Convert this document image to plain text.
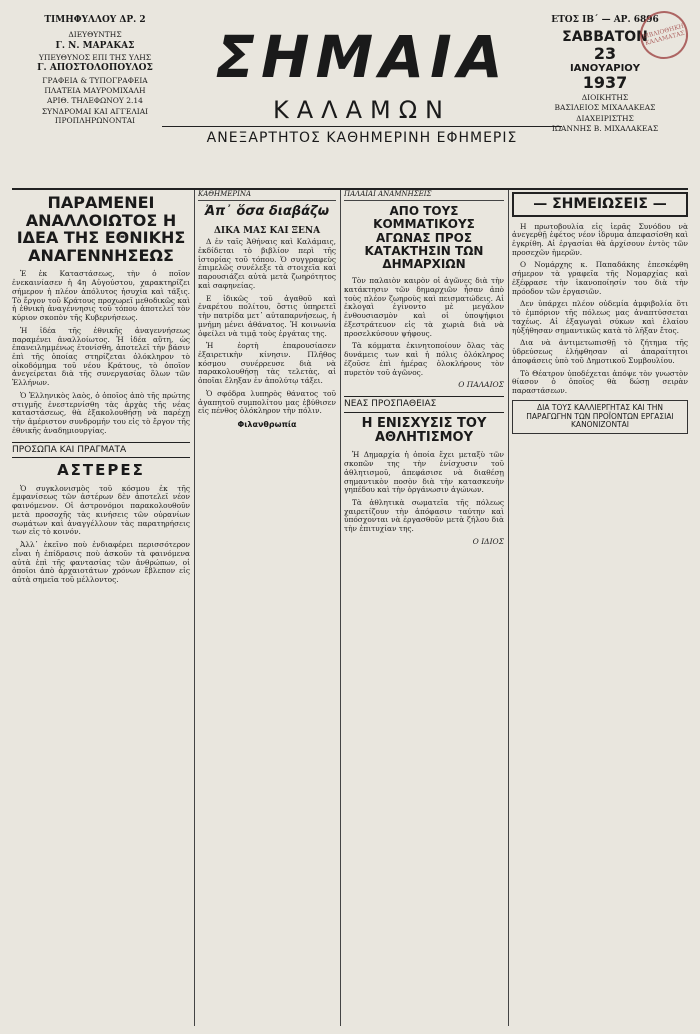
ΤΙΜΗΦΥΛΛΟΥ ΔΡ. 2
ΔΙΕΥΘΥΝΤΗΣ
Γ. Ν. ΜΑΡΑΚΑΣ
ΥΠΕΥΘΥΝΟΣ ΕΠΙ ΤΗΣ ΥΛΗΣ
Γ. ΑΠΟΣΤΟΛΟΠΟΥΛΟΣ
ΓΡΑΦΕΙΑ & ΤΥΠΟΓΡΑΦΕΙΑ
ΠΛΑΤΕΙΑ ΜΑΥΡΟΜΙΧΑΛΗ
ΑΡΙΘ. ΤΗΛΕΦΩΝΟΥ 2.14
ΣΥΝΔΡΟΜΑΙ ΚΑΙ ΑΓΓΕΛΙΑΙ ΠΡΟΠΛΗΡΩΝΟΝΤΑΙ
ΣΗΜΑΙΑ
ΚΑΛΑΜΩΝ
ΑΝΕΞΑΡΤΗΤΟΣ ΚΑΘΗΜΕΡΙΝΗ ΕΦΗΜΕΡΙΣ
ΒΙΒΛΙΟΘΗΚΗ ΚΑΛΑΜΑΤΑΣ
ΕΤΟΣ ΙΒ΄ — ΑΡ. 6896
ΣΑΒΒΑΤΟΝ
23
ΙΑΝΟΥΑΡΙΟΥ
1937
ΔΙΟΙΚΗΤΗΣ
ΒΑΣΙΛΕΙΟΣ ΜΙΧΑΛΑΚΕΑΣ
ΔΙΑΧΕΙΡΙΣΤΗΣ
ΙΩΑΝΝΗΣ Β. ΜΙΧΑΛΑΚΕΑΣ
ΠΑΡΑΜΕΝΕΙ ΑΝΑΛΛΟΙΩΤΟΣ Η ΙΔΕΑ ΤΗΣ ΕΘΝΙΚΗΣ ΑΝΑΓΕΝΝΗΣΕΩΣ

Ἐ ἐκ Καταστάσεως, τὴν ὁ ποῖον ἐνεκαινίασεν ἡ 4η Αὐγούστου, χαρακτηρίζει σήμερον ἡ πλέον ἀπόλυτος ἡσυχία καὶ τάξις. Τὸ ἔργον τοῦ Κράτους προχωρεῖ μεθοδικῶς καὶ ἡ ἐθνικὴ ἀναγέννησις τοῦ τόπου ἀποτελεῖ τὸν κύριον σκοπὸν τῆς Κυβερνήσεως.

Ἡ ἰδέα τῆς ἐθνικῆς ἀναγεννήσεως παραμένει ἀναλλοίωτος. Ἡ ἰδέα αὕτη, ὡς ἐπανειλημμένως ἐτονίσθη, ἀποτελεῖ τὴν βάσιν ἐπὶ τῆς ὁποίας στηρίζεται ὁλόκληρον τὸ οἰκοδόμημα τοῦ νέου Κράτους, τὸ ὁποῖον ἀνεγείρεται διὰ τῆς συνεργασίας ὅλων τῶν Ἑλλήνων.

Ὁ Ἑλληνικὸς λαὸς, ὁ ὁποῖος ἀπὸ τῆς πρώτης στιγμῆς ἐνεστερνίσθη τὰς ἀρχὰς τῆς νέας καταστάσεως, θὰ ἐξακολουθήσῃ νὰ παρέχῃ τὴν ἀμέριστον συνδρομήν του εἰς τὸ ἔργον τῆς ἐθνικῆς ἀναδημιουργίας.

ΠΡΟΣΩΠΑ ΚΑΙ ΠΡΑΓΜΑΤΑ
ΑΣΤΕΡΕΣ

Ὁ συγκλονισμὸς τοῦ κόσμου ἐκ τῆς ἐμφανίσεως τῶν ἀστέρων δὲν ἀποτελεῖ νέον φαινόμενον. Οἱ ἀστρονόμοι παρακολουθοῦν μετὰ προσοχῆς τὰς κινήσεις τῶν οὐρανίων σωμάτων καὶ ἀναγγέλλουν τὰς παρατηρήσεις των εἰς τὸ κοινόν.

Ἀλλ᾽ ἐκεῖνο ποὺ ἐνδιαφέρει περισσότερον εἶναι ἡ ἐπίδρασις ποὺ ἀσκοῦν τὰ φαινόμενα αὐτὰ ἐπὶ τῆς φαντασίας τῶν ἀνθρώπων, οἱ ὁποῖοι ἀπὸ ἀρχαιοτάτων χρόνων ἔβλεπον εἰς αὐτὰ σημεῖα τοῦ μέλλοντος.

ΚΑΘΗΜΕΡΙΝΑ
Ἀπ᾽ ὅσα διαβάζω
ΔΙΚΑ ΜΑΣ ΚΑΙ ΞΕΝΑ

Δ ἐν ταῖς Ἀθήναις καὶ Καλάμαις, ἐκδίδεται τὸ βιβλίον περὶ τῆς ἱστορίας τοῦ τόπου. Ὁ συγγραφεὺς ἐπιμελῶς συνέλεξε τὰ στοιχεῖα καὶ παρουσιάζει αὐτὰ μετὰ ζωηρότητος καὶ σαφηνείας.

Ε ἰδικῶς τοῦ ἀγαθοῦ καὶ ἐναρέτου πολίτου, ὅστις ὑπηρετεῖ τὴν πατρίδα μετ᾽ αὐταπαρνήσεως, ἡ μνήμη μένει ἀθάνατος. Ἡ κοινωνία ὀφείλει νὰ τιμᾷ τοὺς ἐργάτας της.

Ἡ ἑορτὴ ἐπαρουσίασεν ἐξαιρετικὴν κίνησιν. Πλῆθος κόσμου συνέρρευσε διὰ νὰ παρακολουθήσῃ τὰς τελετὰς, αἱ ὁποῖαι ἔληξαν ἐν ἀπολύτῳ τάξει.

Ὁ σφόδρα λυπηρὸς θάνατος τοῦ ἀγαπητοῦ συμπολίτου μας ἐβύθισεν εἰς πένθος ὁλόκληρον τὴν πόλιν.

Φιλανθρωπία
ΠΑΛΑΙΑΙ ΑΝΑΜΝΗΣΕΙΣ
ΑΠΟ ΤΟΥΣ ΚΟΜΜΑΤΙΚΟΥΣ ΑΓΩΝΑΣ ΠΡΟΣ ΚΑΤΑΚΤΗΣΙΝ ΤΩΝ ΔΗΜΑΡΧΙΩΝ

Τὸν παλαιὸν καιρὸν οἱ ἀγῶνες διὰ τὴν κατάκτησιν τῶν δημαρχιῶν ἦσαν ἀπὸ τοὺς πλέον ζωηροὺς καὶ πεισματώδεις. Αἱ ἐκλογαὶ ἐγίνοντο μὲ μεγάλον ἐνθουσιασμὸν καὶ οἱ ὑποψήφιοι ἐξεστράτευον εἰς τὰ χωριὰ διὰ νὰ προσελκύσουν ψήφους.

Τὰ κόμματα ἐκινητοποίουν ὅλας τὰς δυνάμεις των καὶ ἡ πόλις ὁλόκληρος ἐζοῦσε ἐπὶ ἡμέρας ὁλοκλήρους τὸν πυρετὸν τοῦ ἀγῶνος.

Ο ΠΑΛΑΙΟΣ
ΝΕΑΣ ΠΡΟΣΠΑΘΕΙΑΣ
Η ΕΝΙΣΧΥΣΙΣ ΤΟΥ ΑΘΛΗΤΙΣΜΟΥ

Ἡ Δημαρχία ἡ ὁποία ἔχει μεταξὺ τῶν σκοπῶν της τὴν ἐνίσχυσιν τοῦ ἀθλητισμοῦ, ἀπεφάσισε νὰ διαθέσῃ σημαντικὸν ποσὸν διὰ τὴν κατασκευὴν γηπέδου καὶ τὴν ὀργάνωσιν ἀγώνων.

Τὰ ἀθλητικὰ σωματεῖα τῆς πόλεως χαιρετίζουν τὴν ἀπόφασιν ταύτην καὶ ὑπόσχονται νὰ ἐργασθοῦν μετὰ ζήλου διὰ τὴν ἐπιτυχίαν της.

Ο ΙΔΙΟΣ
— ΣΗΜΕΙΩΣΕΙΣ —

Η πρωτοβουλία εἰς ἱερᾶς Συνόδου νὰ ἀνεγερθῇ ἐφέτος νέον ἱδρυμα ἀπεφασίσθη καὶ ἐγκρίθη. Αἱ ἐργασίαι θὰ ἀρχίσουν ἐντὸς τῶν προσεχῶν ἡμερῶν.

Ο Νομάρχης κ. Παπαδάκης ἐπεσκέφθη σήμερον τὰ γραφεῖα τῆς Νομαρχίας καὶ ἐξέφρασε τὴν ἱκανοποίησίν του διὰ τὴν πρόοδον τῶν ἐργασιῶν.

Δεν ὑπάρχει πλέον οὐδεμία ἀμφιβολία ὅτι τὸ ἐμπόριον τῆς πόλεως μας ἀναπτύσσεται ταχέως. Αἱ ἐξαγωγαὶ σύκων καὶ ἐλαίου ηὐξήθησαν σημαντικῶς κατὰ τὸ λῆξαν ἔτος.

Δια νὰ ἀντιμετωπισθῇ τὸ ζήτημα τῆς ὑδρεύσεως ἐλήφθησαν αἱ ἀπαραίτητοι ἀποφάσεις ὑπὸ τοῦ Δημοτικοῦ Συμβουλίου.

Τὸ Θέατρον ὑποδέχεται ἀπόψε τὸν γνωστὸν θίασον ὁ ὁποῖος θὰ δώσῃ σειρὰν παραστάσεων.

ΔΙΑ ΤΟΥΣ ΚΑΛΛΙΕΡΓΗΤΑΣ ΚΑΙ ΤΗΝ ΠΑΡΑΓΩΓΗΝ ΤΩΝ ΠΡΟΪΟΝΤΩΝ ΕΡΓΑΣΙΑΙ ΚΑΝΟΝΙΖΟΝΤΑΙ
